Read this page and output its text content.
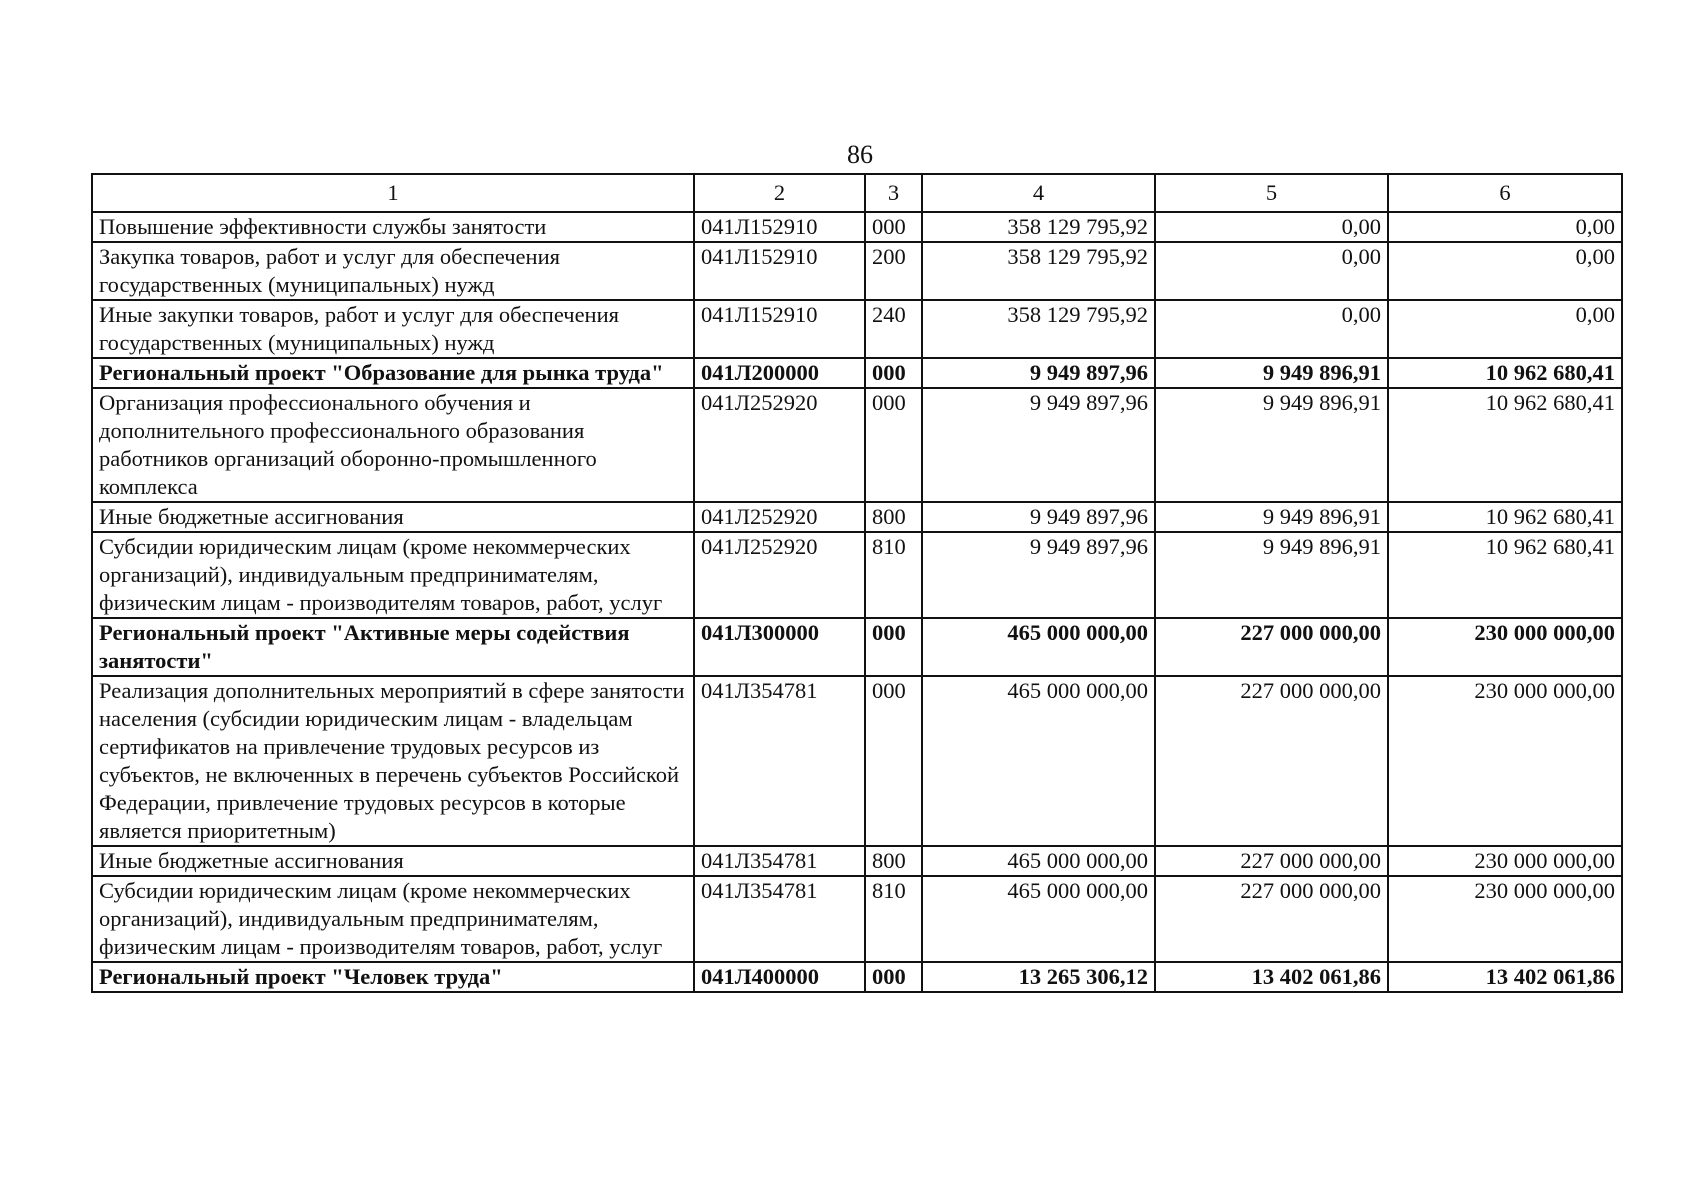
86
1	2	3	4	5	6
Повышение эффективности службы занятости	041Л152910	000	358 129 795,92	0,00	0,00
Закупка товаров, работ и услуг для обеспечения государственных (муниципальных) нужд	041Л152910	200	358 129 795,92	0,00	0,00
Иные закупки товаров, работ и услуг для обеспечения государственных (муниципальных) нужд	041Л152910	240	358 129 795,92	0,00	0,00
Региональный проект "Образование для рынка труда"	041Л200000	000	9 949 897,96	9 949 896,91	10 962 680,41
Организация профессионального обучения и дополнительного профессионального образования работников организаций оборонно-промышленного комплекса	041Л252920	000	9 949 897,96	9 949 896,91	10 962 680,41
Иные бюджетные ассигнования	041Л252920	800	9 949 897,96	9 949 896,91	10 962 680,41
Субсидии юридическим лицам (кроме некоммерческих организаций), индивидуальным предпринимателям, физическим лицам - производителям товаров, работ, услуг	041Л252920	810	9 949 897,96	9 949 896,91	10 962 680,41
Региональный проект "Активные меры содействия занятости"	041Л300000	000	465 000 000,00	227 000 000,00	230 000 000,00
Реализация дополнительных мероприятий в сфере занятости населения (субсидии юридическим лицам - владельцам сертификатов на привлечение трудовых ресурсов из субъектов, не включенных в перечень субъектов Российской Федерации, привлечение трудовых ресурсов в которые является приоритетным)	041Л354781	000	465 000 000,00	227 000 000,00	230 000 000,00
Иные бюджетные ассигнования	041Л354781	800	465 000 000,00	227 000 000,00	230 000 000,00
Субсидии юридическим лицам (кроме некоммерческих организаций), индивидуальным предпринимателям, физическим лицам - производителям товаров, работ, услуг	041Л354781	810	465 000 000,00	227 000 000,00	230 000 000,00
Региональный проект "Человек труда"	041Л400000	000	13 265 306,12	13 402 061,86	13 402 061,86
